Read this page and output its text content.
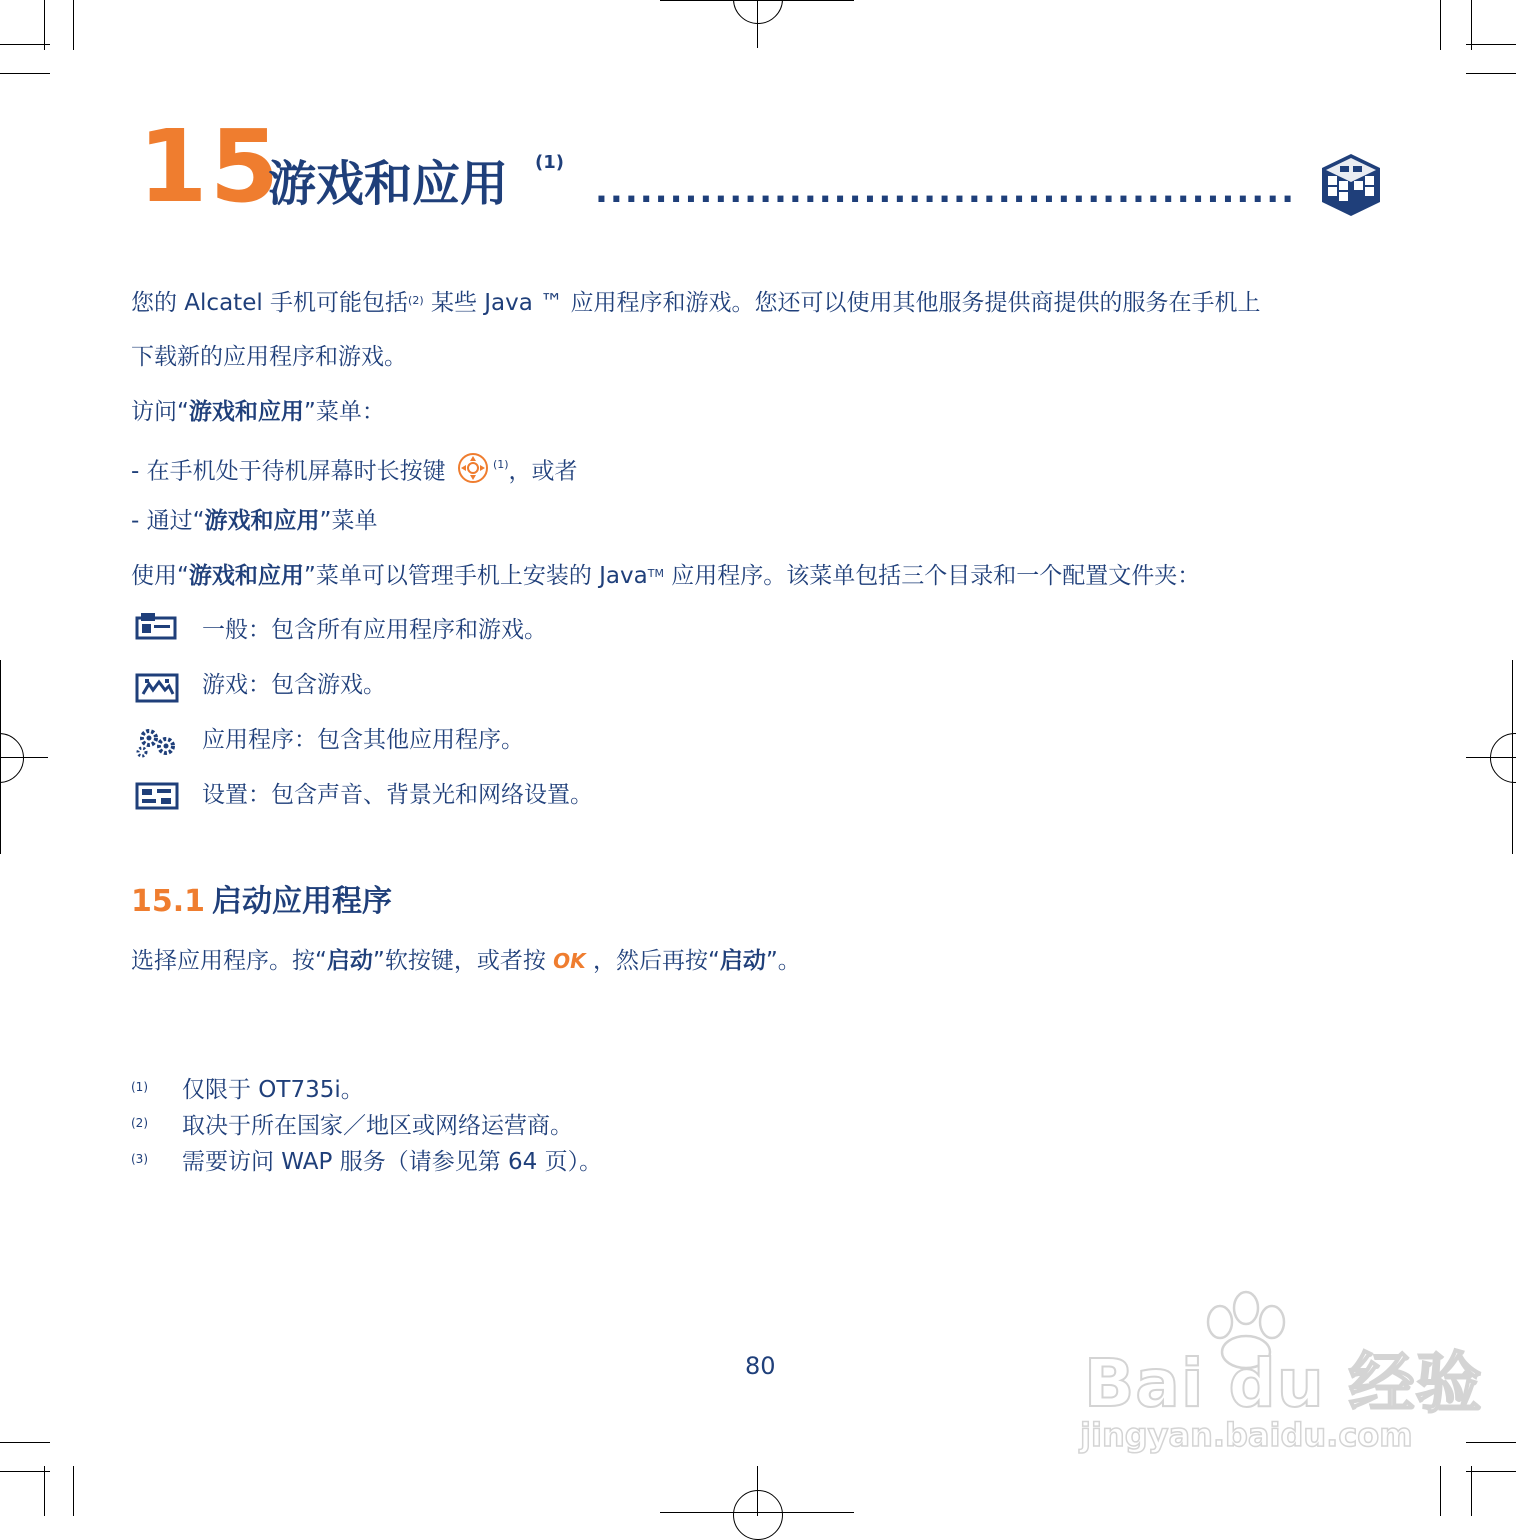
15
游戏和应用 (1)
...............................................
您的 Alcatel 手机可能包括$^{(2)}$ 某些 Java ™ 应用程序和游戏。您还可以使用其他服务提供商提供的服务在手机上
下载新的应用程序和游戏。
访问“游戏和应用”菜单：
- 在手机处于待机屏幕时长按键	$^{(1)}$，或者
- 通过“游戏和应用”菜单
使用“游戏和应用”菜单可以管理手机上安装的 Java™ 应用程序。该菜单包括三个目录和一个配置文件夹：
一般：包含所有应用程序和游戏。
游戏：包含游戏。
应用程序：包含其他应用程序。
设置：包含声音、背景光和网络设置。
15.1 启动应用程序
选择应用程序。按“启动”软按键，或者按 OK ，然后再按“启动”。
(1) 仅限于 OT735i。
(2) 取决于所在国家／地区或网络运营商。
(3) 需要访问 WAP 服务（请参见第 64 页）。
80	Bai du 经验
jingyan.baidu.com
